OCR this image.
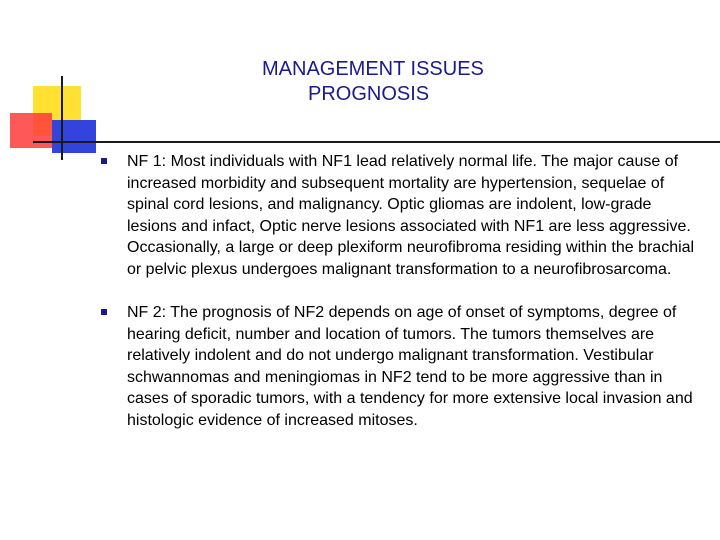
MANAGEMENT ISSUES
PROGNOSIS
NF 1: Most individuals with NF1 lead relatively normal life. The major cause of increased morbidity and subsequent mortality are hypertension, sequelae of spinal cord lesions, and malignancy. Optic gliomas are indolent, low-grade lesions and infact, Optic nerve lesions associated with NF1 are less aggressive. Occasionally, a large or deep plexiform neurofibroma residing within the brachial or pelvic plexus undergoes malignant transformation to a neurofibrosarcoma.
NF 2: The prognosis of NF2 depends on age of onset of symptoms, degree of hearing deficit, number and location of tumors. The tumors themselves are relatively indolent and do not undergo malignant transformation. Vestibular schwannomas and meningiomas in NF2 tend to be more aggressive than in cases of sporadic tumors, with a tendency for more extensive local invasion and histologic evidence of increased mitoses.
